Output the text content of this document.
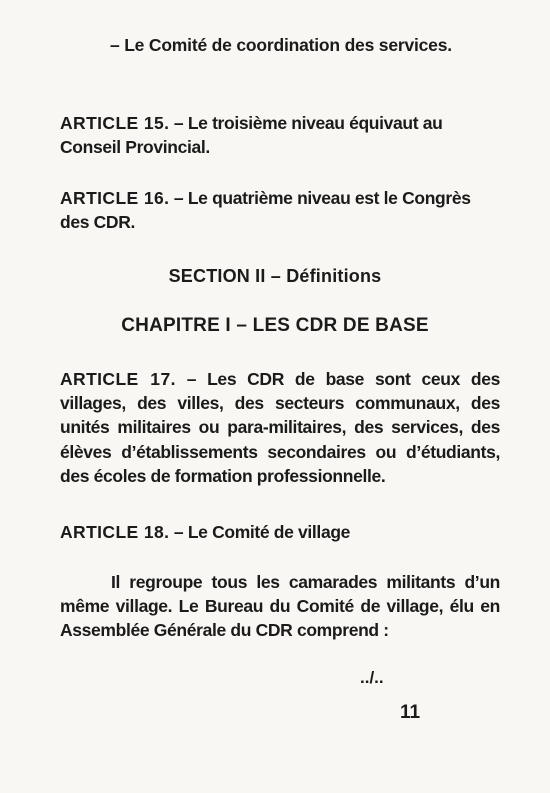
– Le Comité de coordination des services.
ARTICLE 15. – Le troisième niveau équivaut au Conseil Provincial.
ARTICLE 16. – Le quatrième niveau est le Congrès des CDR.
SECTION II – Définitions
CHAPITRE I – LES CDR DE BASE
ARTICLE 17. – Les CDR de base sont ceux des villages, des villes, des secteurs communaux, des unités militaires ou para-militaires, des services, des élèves d’établissements secondaires ou d’étudiants, des écoles de formation professionnelle.
ARTICLE 18. – Le Comité de village
Il regroupe tous les camarades militants d’un même village. Le Bureau du Comité de village, élu en Assemblée Générale du CDR comprend :
../..
11
